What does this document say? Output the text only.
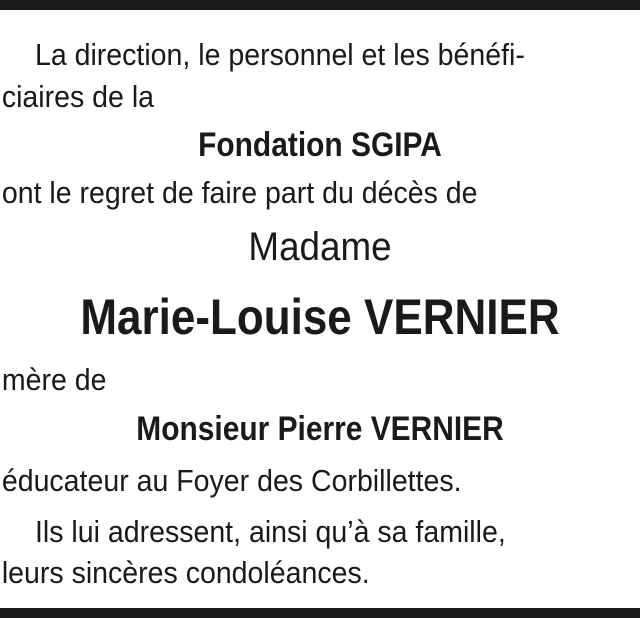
La direction, le personnel et les bénéfi-
ciaires de la
Fondation SGIPA
ont le regret de faire part du décès de
Madame
Marie-Louise VERNIER
mère de
Monsieur Pierre VERNIER
éducateur au Foyer des Corbillettes.
Ils lui adressent, ainsi qu’à sa famille,
leurs sincères condoléances.
